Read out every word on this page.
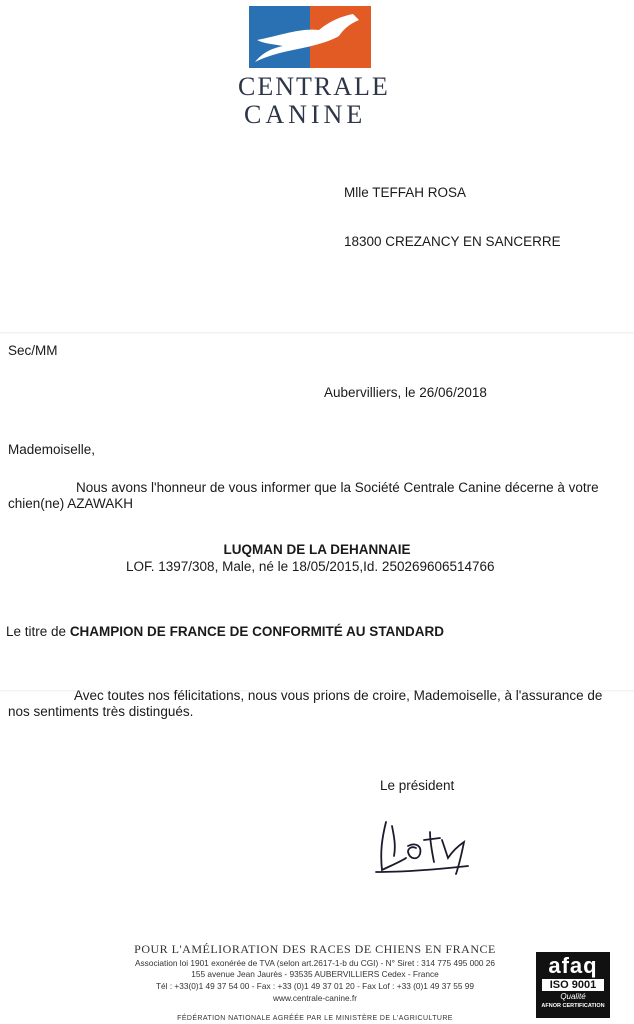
CENTRALE
CANINE
Mlle TEFFAH ROSA
18300 CREZANCY EN SANCERRE
Sec/MM
Aubervilliers, le 26/06/2018
Mademoiselle,
Nous avons l'honneur de vous informer que la Société Centrale Canine décerne à votre
chien(ne) AZAWAKH
LUQMAN DE LA DEHANNAIE
LOF. 1397/308, Male, né le 18/05/2015,Id. 250269606514766
Le titre de CHAMPION DE FRANCE DE CONFORMITÉ AU STANDARD
Avec toutes nos félicitations, nous vous prions de croire, Mademoiselle, à l'assurance de
nos sentiments très distingués.
Le président
POUR L'AMÉLIORATION DES RACES DE CHIENS EN FRANCE
Association loi 1901 exonérée de TVA (selon art.2617-1-b du CGI) - N° Siret : 314 775 495 000 26
155 avenue Jean Jaurès - 93535 AUBERVILLIERS Cedex - France
Tél : +33(0)1 49 37 54 00 - Fax : +33 (0)1 49 37 01 20 - Fax Lof : +33 (0)1 49 37 55 99
www.centrale-canine.fr
FÉDÉRATION NATIONALE AGRÉÉE PAR LE MINISTÈRE DE L'AGRICULTURE
afaq
ISO 9001
Qualité
AFNOR CERTIFICATION
